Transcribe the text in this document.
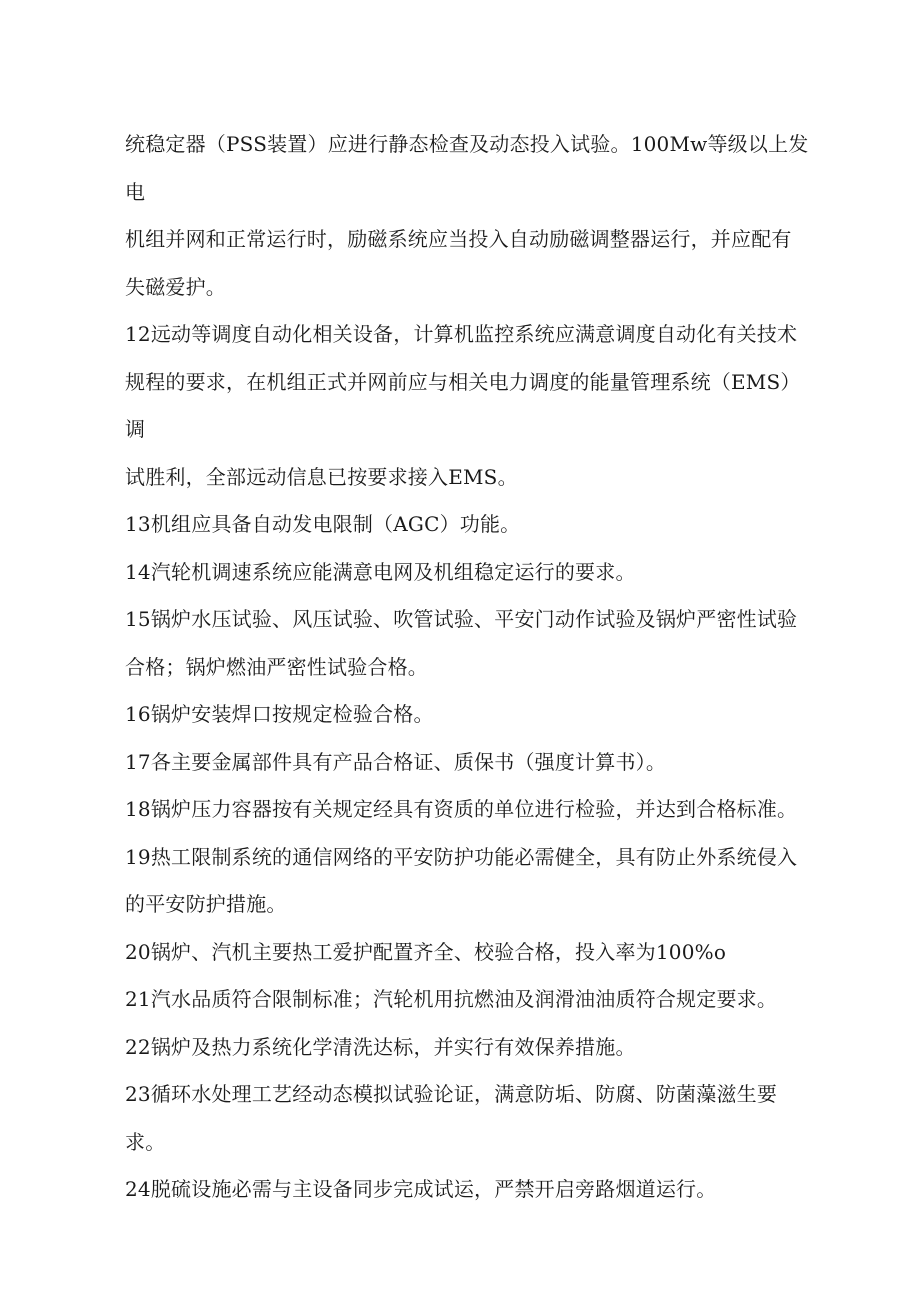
统稳定器（PSS装置）应进行静态检查及动态投入试验。100Mw等级以上发电
机组并网和正常运行时，励磁系统应当投入自动励磁调整器运行，并应配有
失磁爱护。

12远动等调度自动化相关设备，计算机监控系统应满意调度自动化有关技术
规程的要求，在机组正式并网前应与相关电力调度的能量管理系统（EMS）调
试胜利，全部远动信息已按要求接入EMS。

13机组应具备自动发电限制（AGC）功能。

14汽轮机调速系统应能满意电网及机组稳定运行的要求。

15锅炉水压试验、风压试验、吹管试验、平安门动作试验及锅炉严密性试验
合格；锅炉燃油严密性试验合格。

16锅炉安装焊口按规定检验合格。

17各主要金属部件具有产品合格证、质保书（强度计算书）。

18锅炉压力容器按有关规定经具有资质的单位进行检验，并达到合格标准。

19热工限制系统的通信网络的平安防护功能必需健全，具有防止外系统侵入
的平安防护措施。

20锅炉、汽机主要热工爱护配置齐全、校验合格，投入率为100%o

21汽水品质符合限制标准；汽轮机用抗燃油及润滑油油质符合规定要求。

22锅炉及热力系统化学清洗达标，并实行有效保养措施。

23循环水处理工艺经动态模拟试验论证，满意防垢、防腐、防菌藻滋生要
求。

24脱硫设施必需与主设备同步完成试运，严禁开启旁路烟道运行。
